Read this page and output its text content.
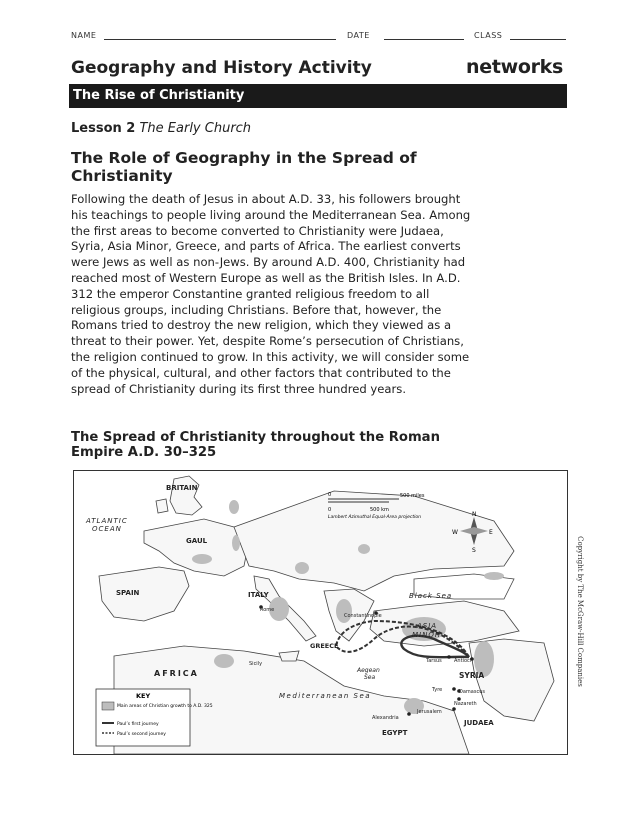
NAME	DATE	CLASS
Geography and History Activity	networks
The Rise of Christianity
Lesson 2 The Early Church
The Role of Geography in the Spread of Christianity
Following the death of Jesus in about A.D. 33, his followers brought his teachings to people living around the Mediterranean Sea. Among the first areas to become converted to Christianity were Judaea, Syria, Asia Minor, Greece, and parts of Africa. The earliest converts were Jews as well as non-Jews. By around A.D. 400, Christianity had reached most of Western Europe as well as the British Isles. In A.D. 312 the emperor Constantine granted religious freedom to all religious groups, including Christians. Before that, however, the Romans tried to destroy the new religion, which they viewed as a threat to their power. Yet, despite Rome’s persecution of Christians, the religion continued to grow. In this activity, we will consider some of the physical, cultural, and other factors that contributed to the spread of Christianity during its first three hundred years.
The Spread of Christianity throughout the Roman Empire A.D. 30–325
0	500 miles
0	500 km
Lambert Azimuthal Equal-Area projection	N
E
S
W
BRITAIN
ATLANTIC
OCEAN
GAUL
SPAIN	ITALY
Rome
Sicily
AFRICA
Mediterranean Sea
Black Sea
Constantinople
ASIA
MINOR
GREECE
Aegean
Sea
Tarsus Antioch
SYRIA
Damascus
Tyre
Nazareth
Jerusalem
JUDAEA
Alexandria
EGYPT
KEY
Main areas of Christian growth to A.D. 325
Paul’s first journey
Paul’s second journey
Copyright by The McGraw-Hill Companies
